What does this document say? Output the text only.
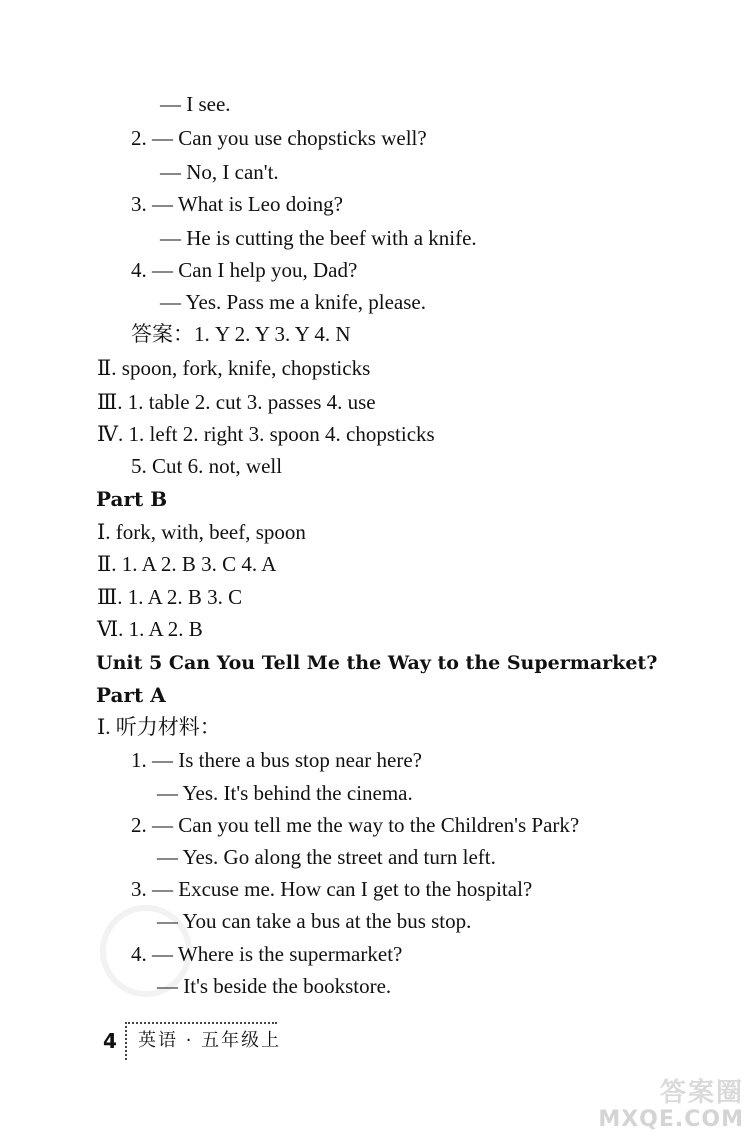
— I see.
2. — Can you use chopsticks well?
— No, I can't.
3. — What is Leo doing?
— He is cutting the beef with a knife.
4. — Can I help you, Dad?
— Yes. Pass me a knife, please.
答案：1. Y 2. Y 3. Y 4. N
Ⅱ. spoon, fork, knife, chopsticks
Ⅲ. 1. table 2. cut 3. passes 4. use
Ⅳ. 1. left 2. right 3. spoon 4. chopsticks
5. Cut 6. not, well
Part B
Ⅰ. fork, with, beef, spoon
Ⅱ. 1. A 2. B 3. C 4. A
Ⅲ. 1. A 2. B 3. C
Ⅵ. 1. A 2. B
Unit 5 Can You Tell Me the Way to the Supermarket?
Part A
Ⅰ. 听力材料：
1. — Is there a bus stop near here?
— Yes. It's behind the cinema.
2. — Can you tell me the way to the Children's Park?
— Yes. Go along the street and turn left.
3. — Excuse me. How can I get to the hospital?
— You can take a bus at the bus stop.
4. — Where is the supermarket?
— It's beside the bookstore.
4 英语 · 五年级上
答案圈
MXQE.COM
